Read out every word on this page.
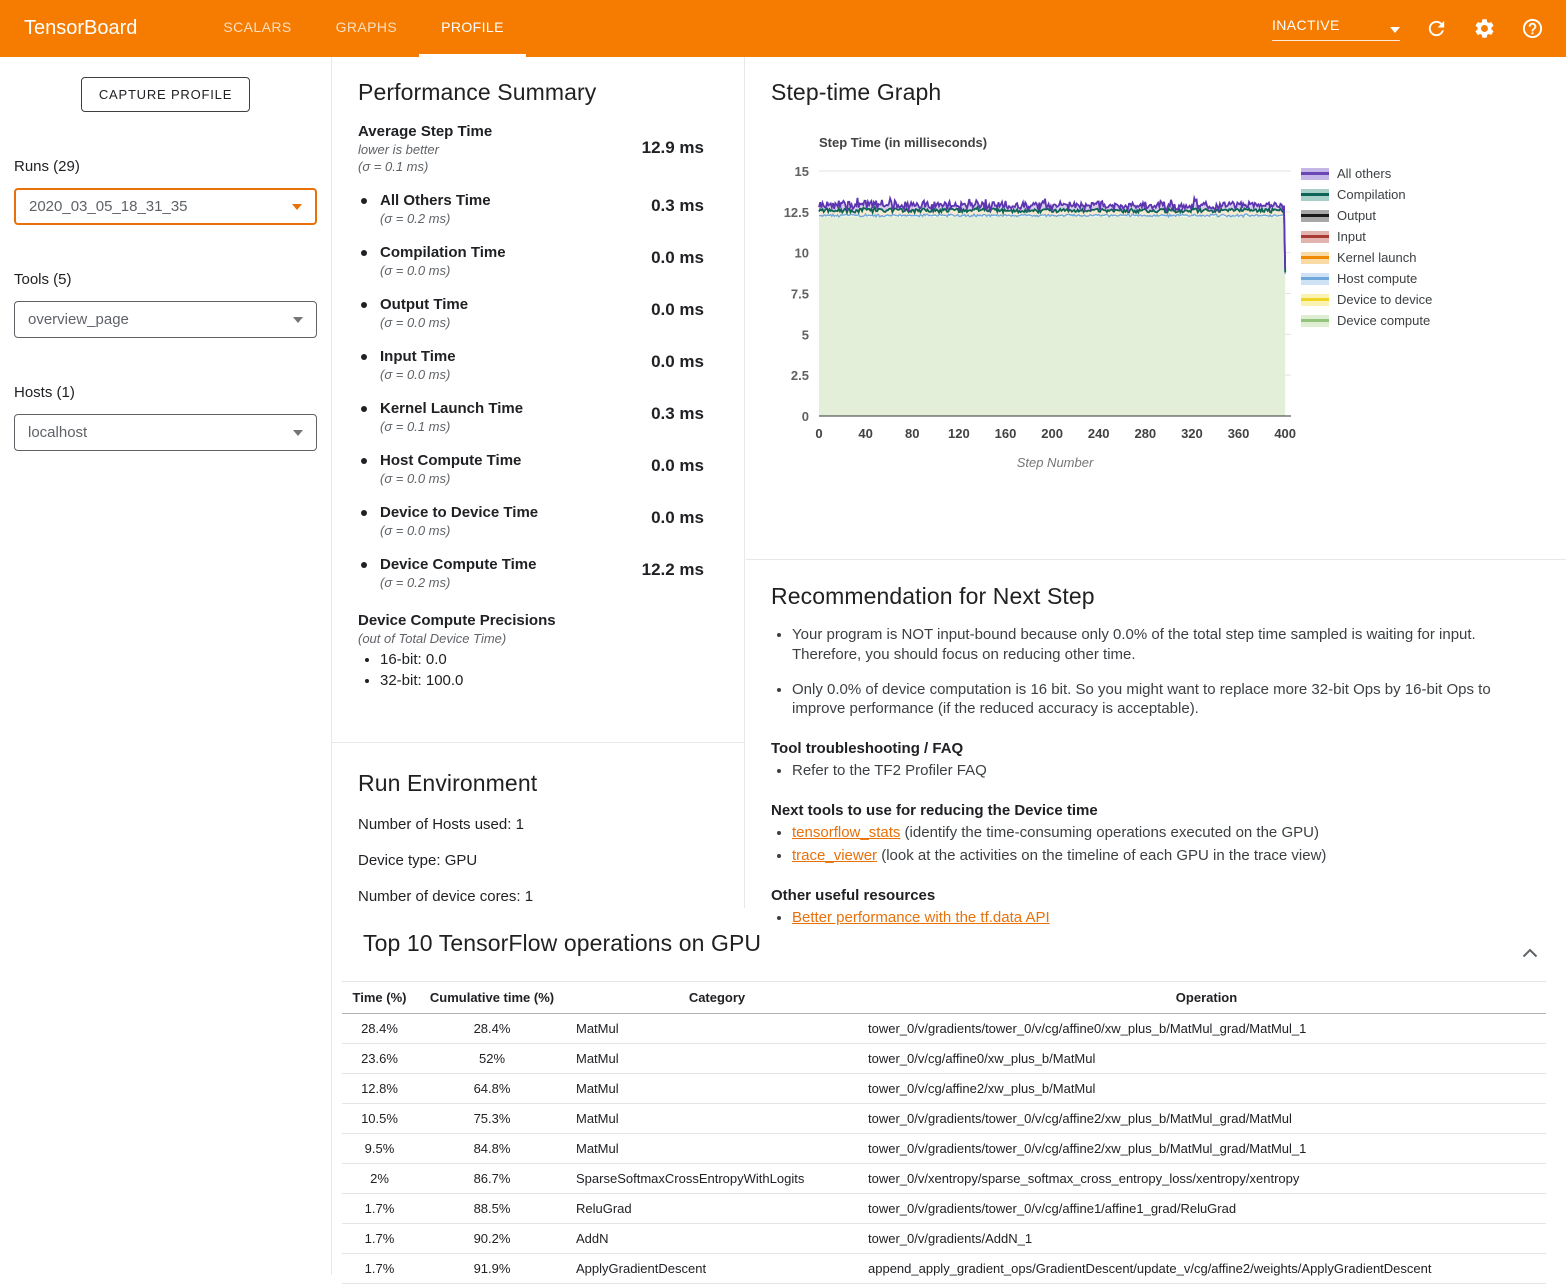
TensorBoard	SCALARS	GRAPHS	PROFILE	INACTIVE
CAPTURE PROFILE
Runs (29)
2020_03_05_18_31_35
Tools (5)
overview_page
Hosts (1)
localhost
Performance Summary
Average Step Time
lower is better
(σ = 0.1 ms)
12.9 ms
All Others Time
(σ = 0.2 ms)
0.3 ms
Compilation Time
(σ = 0.0 ms)
0.0 ms
Output Time
(σ = 0.0 ms)
0.0 ms
Input Time
(σ = 0.0 ms)
0.0 ms
Kernel Launch Time
(σ = 0.1 ms)
0.3 ms
Host Compute Time
(σ = 0.0 ms)
0.0 ms
Device to Device Time
(σ = 0.0 ms)
0.0 ms
Device Compute Time
(σ = 0.2 ms)
12.2 ms
Device Compute Precisions
(out of Total Device Time)
• 16-bit: 0.0
• 32-bit: 100.0
Run Environment

Number of Hosts used: 1

Device type: GPU

Number of device cores: 1

Step-time Graph
Step Time (in milliseconds)
0
2.5
5
7.5
10
12.5
15
0	40 80 120 160 200 240 280 320 360 400
Step Number
All others
Compilation
Output
Input
Kernel launch
Host compute
Device to device
Device compute
Recommendation for Next Step
• Your program is NOT input-bound because only 0.0% of the total step time sampled is waiting for input. Therefore, you should focus on reducing other time.
• Only 0.0% of device computation is 16 bit. So you might want to replace more 32-bit Ops by 16-bit Ops to improve performance (if the reduced accuracy is acceptable).
Tool troubleshooting / FAQ
• Refer to the TF2 Profiler FAQ
Next tools to use for reducing the Device time
• tensorflow_stats (identify the time-consuming operations executed on the GPU)
• trace_viewer (look at the activities on the timeline of each GPU in the trace view)
Other useful resources
• Better performance with the tf.data API
Top 10 TensorFlow operations on GPU
Time (%)	Cumulative time (%)	Category	Operation
28.4%	28.4%	MatMul	tower_0/v/gradients/tower_0/v/cg/affine0/xw_plus_b/MatMul_grad/MatMul_1
23.6%	52%	MatMul	tower_0/v/cg/affine0/xw_plus_b/MatMul
12.8%	64.8%	MatMul	tower_0/v/cg/affine2/xw_plus_b/MatMul
10.5%	75.3%	MatMul	tower_0/v/gradients/tower_0/v/cg/affine2/xw_plus_b/MatMul_grad/MatMul
9.5%	84.8%	MatMul	tower_0/v/gradients/tower_0/v/cg/affine2/xw_plus_b/MatMul_grad/MatMul_1
2%	86.7%	SparseSoftmaxCrossEntropyWithLogits	tower_0/v/xentropy/sparse_softmax_cross_entropy_loss/xentropy/xentropy
1.7%	88.5%	ReluGrad	tower_0/v/gradients/tower_0/v/cg/affine1/affine1_grad/ReluGrad
1.7%	90.2%	AddN	tower_0/v/gradients/AddN_1
1.7%	91.9%	ApplyGradientDescent	append_apply_gradient_ops/GradientDescent/update_v/cg/affine2/weights/ApplyGradientDescent
